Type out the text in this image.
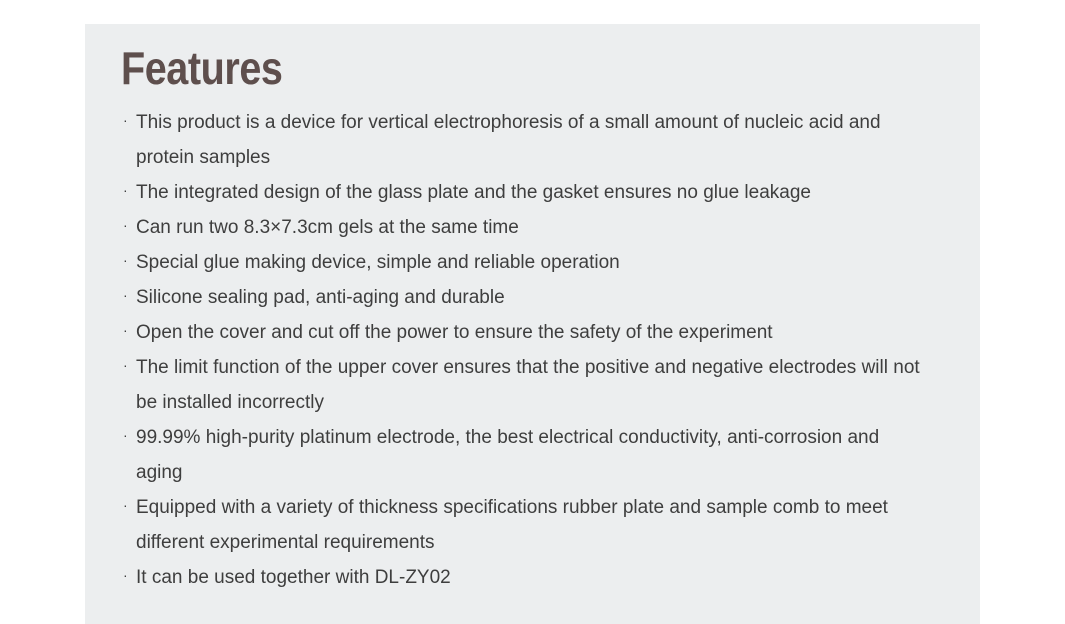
Features
· This product is a device for vertical electrophoresis of a small amount of nucleic acid and protein samples
· The integrated design of the glass plate and the gasket ensures no glue leakage
· Can run two 8.3×7.3cm gels at the same time
· Special glue making device, simple and reliable operation
· Silicone sealing pad, anti-aging and durable
· Open the cover and cut off the power to ensure the safety of the experiment
· The limit function of the upper cover ensures that the positive and negative electrodes will not be installed incorrectly
· 99.99% high-purity platinum electrode, the best electrical conductivity, anti-corrosion and aging
· Equipped with a variety of thickness specifications rubber plate and sample comb to meet different experimental requirements
· It can be used together with DL-ZY02
